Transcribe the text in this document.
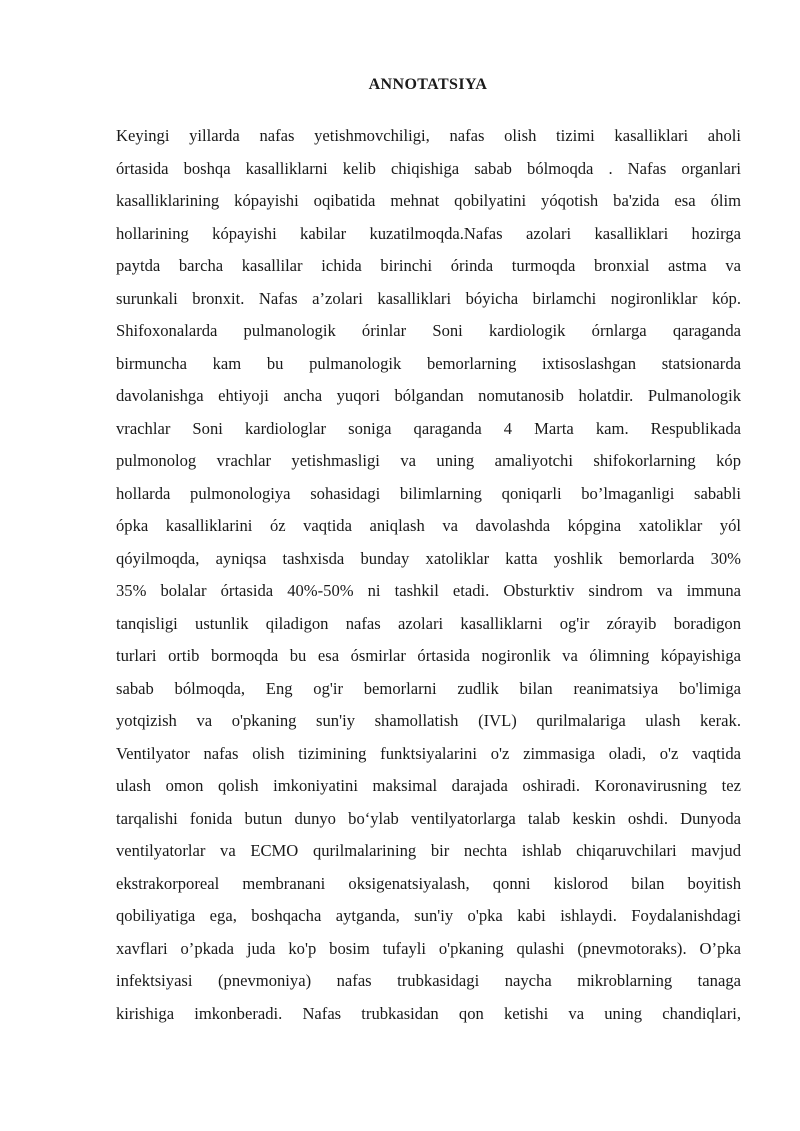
ANNOTATSIYA
Keyingi yillarda nafas yetishmovchiligi, nafas olish tizimi kasalliklari aholi
órtasida boshqa kasalliklarni kelib chiqishiga sabab bólmoqda . Nafas organlari
kasalliklarining kópayishi oqibatida mehnat qobilyatini yóqotish ba'zida esa ólim
hollarining kópayishi kabilar kuzatilmoqda.Nafas azolari kasalliklari hozirga
paytda barcha kasallilar ichida birinchi órinda turmoqda bronxial astma va
surunkali bronxit. Nafas a’zolari kasalliklari bóyicha birlamchi nogironliklar kóp.
Shifoxonalarda pulmanologik órinlar Soni kardiologik órnlarga qaraganda
birmuncha kam bu pulmanologik bemorlarning ixtisoslashgan statsionarda
davolanishga ehtiyoji ancha yuqori bólgandan nomutanosib holatdir. Pulmanologik
vrachlar Soni kardiologlar soniga qaraganda 4 Marta kam. Respublikada
pulmonolog vrachlar yetishmasligi va uning amaliyotchi shifokorlarning kóp
hollarda pulmonologiya sohasidagi bilimlarning qoniqarli bo’lmaganligi sababli
ópka kasalliklarini óz vaqtida aniqlash va davolashda kópgina xatoliklar yól
qóyilmoqda, ayniqsa tashxisda bunday xatoliklar katta yoshlik bemorlarda 30%
35% bolalar órtasida 40%-50% ni tashkil etadi. Obsturktiv sindrom va immuna
tanqisligi ustunlik qiladigon nafas azolari kasalliklarni og'ir zórayib boradigon
turlari ortib bormoqda bu esa ósmirlar órtasida nogironlik va ólimning kópayishiga
sabab bólmoqda, Eng og'ir bemorlarni zudlik bilan reanimatsiya bo'limiga
yotqizish va o'pkaning sun'iy shamollatish (IVL) qurilmalariga ulash kerak.
Ventilyator nafas olish tizimining funktsiyalarini o'z zimmasiga oladi, o'z vaqtida
ulash omon qolish imkoniyatini maksimal darajada oshiradi. Koronavirusning tez
tarqalishi fonida butun dunyo bo‘ylab ventilyatorlarga talab keskin oshdi. Dunyoda
ventilyatorlar va ECMO qurilmalarining bir nechta ishlab chiqaruvchilari mavjud
ekstrakorporeal membranani oksigenatsiyalash, qonni kislorod bilan boyitish
qobiliyatiga ega, boshqacha aytganda, sun'iy o'pka kabi ishlaydi. Foydalanishdagi
xavflari o’pkada juda ko'p bosim tufayli o'pkaning qulashi (pnevmotoraks). O’pka
infektsiyasi (pnevmoniya) nafas trubkasidagi naycha mikroblarning tanaga
kirishiga imkonberadi. Nafas trubkasidan qon ketishi va uning chandiqlari,
